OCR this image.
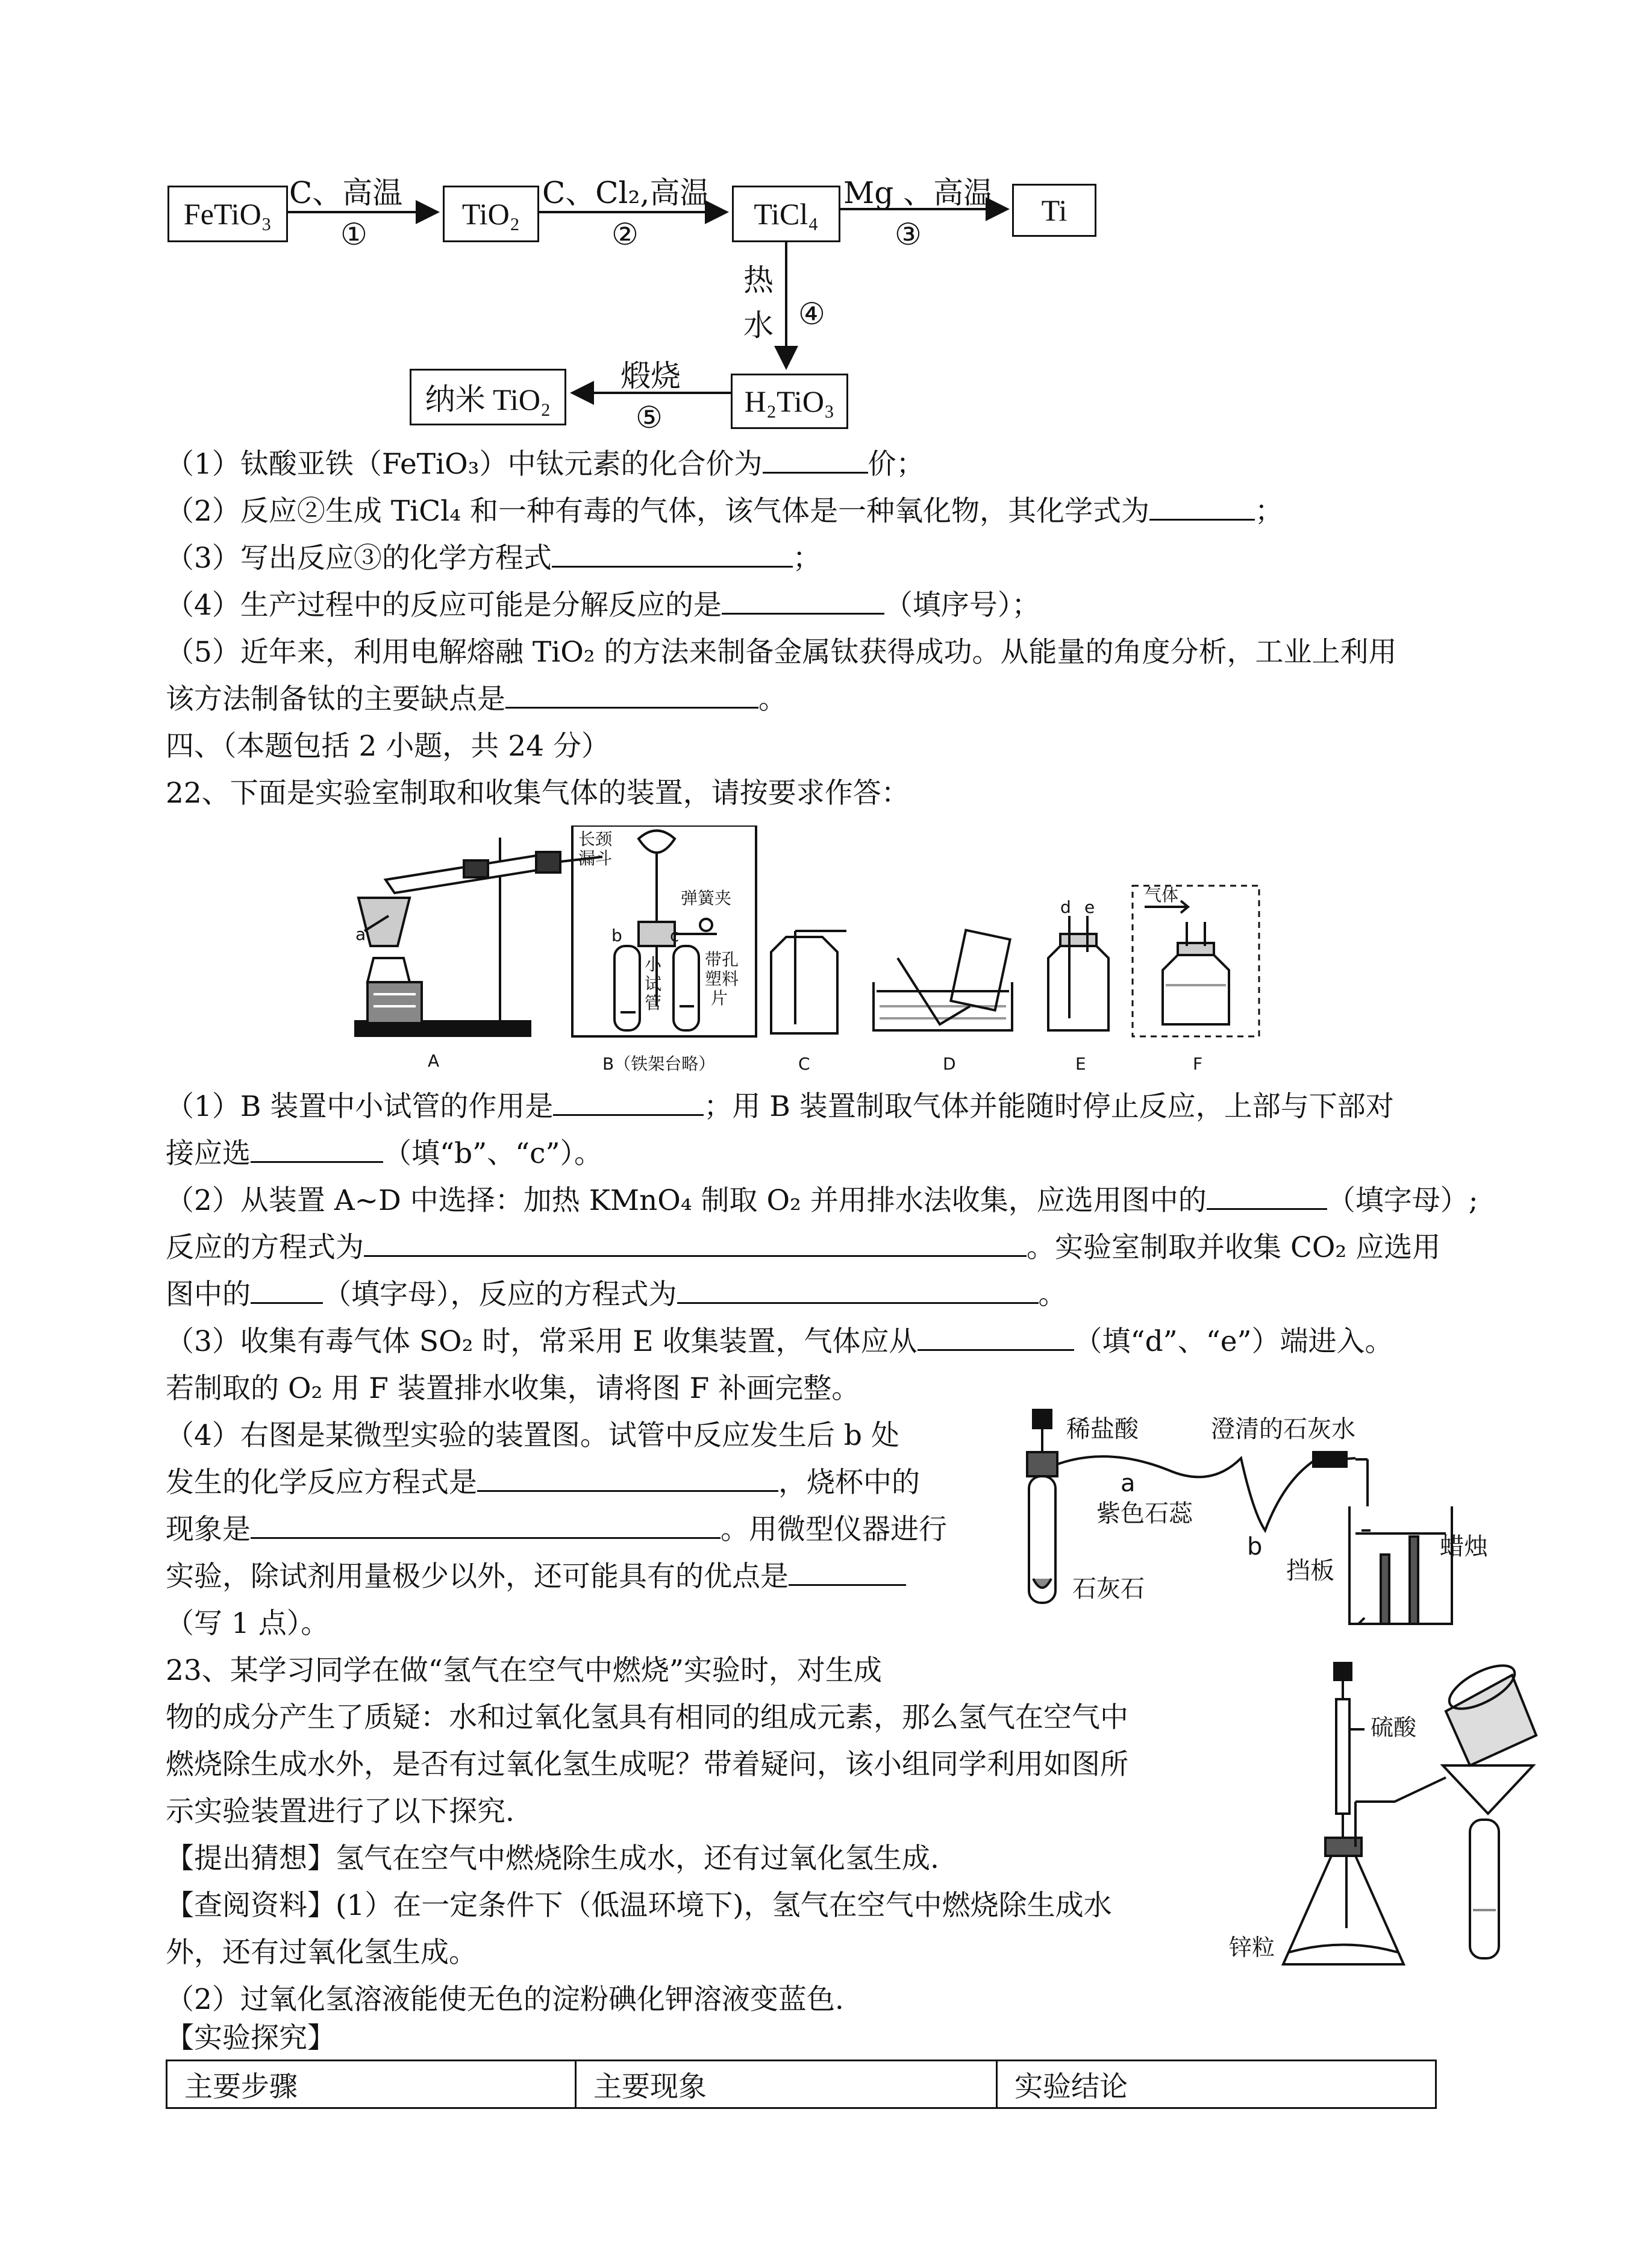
FeTiO₃	TiO₂	TiCl₄	Ti
H₂TiO₃
纳米 TiO₂
C、高温
①
C、Cl₂,高温
②
Mg 、高温
③
热
水 ④
煅烧
⑤
（1）钛酸亚铁（FeTiO₃）中钛元素的化合价为	价；
（2）反应②生成 TiCl₄ 和一种有毒的气体，该气体是一种氧化物，其化学式为	；
（3）写出反应③的化学方程式	；
（4）生产过程中的反应可能是分解反应的是	（填序号）；
（5）近年来，利用电解熔融 TiO₂ 的方法来制备金属钛获得成功。从能量的角度分析，工业上利用
该方法制备钛的主要缺点是	。
四、（本题包括 2 小题，共 24 分）
22、下面是实验室制取和收集气体的装置，请按要求作答：
a
A
长颈
漏斗
弹簧夹
b	c
小
试
管
带孔
塑料
片
B（铁架台略）	C	D
d e
E
气体
F
（1）B 装置中小试管的作用是	；用 B 装置制取气体并能随时停止反应，上部与下部对
接应选	（填“b”、“c”）。
（2）从装置 A~D 中选择：加热 KMnO₄ 制取 O₂ 并用排水法收集，应选用图中的	（填字母）;
反应的方程式为	。实验室制取并收集 CO₂ 应选用
图中的	（填字母），反应的方程式为	。
（3）收集有毒气体 SO₂ 时，常采用 E 收集装置，气体应从	（填“d”、“e”）端进入。
若制取的 O₂ 用 F 装置排水收集，请将图 F 补画完整。
（4）右图是某微型实验的装置图。试管中反应发生后 b 处
发生的化学反应方程式是	，烧杯中的
现象是	。用微型仪器进行
实验，除试剂用量极少以外，还可能具有的优点是
（写 1 点）。
稀盐酸	澄清的石灰水
a
紫色石蕊
b
挡板
蜡烛
石灰石
23、某学习同学在做“氢气在空气中燃烧”实验时，对生成
物的成分产生了质疑：水和过氧化氢具有相同的组成元素，那么氢气在空气中
燃烧除生成水外，是否有过氧化氢生成呢？带着疑问，该小组同学利用如图所
示实验装置进行了以下探究.
【提出猜想】氢气在空气中燃烧除生成水，还有过氧化氢生成.
【查阅资料】(1）在一定条件下（低温环境下)，氢气在空气中燃烧除生成水
外，还有过氧化氢生成。
（2）过氧化氢溶液能使无色的淀粉碘化钾溶液变蓝色.
【实验探究】
硫酸
锌粒
主要步骤	主要现象	实验结论
